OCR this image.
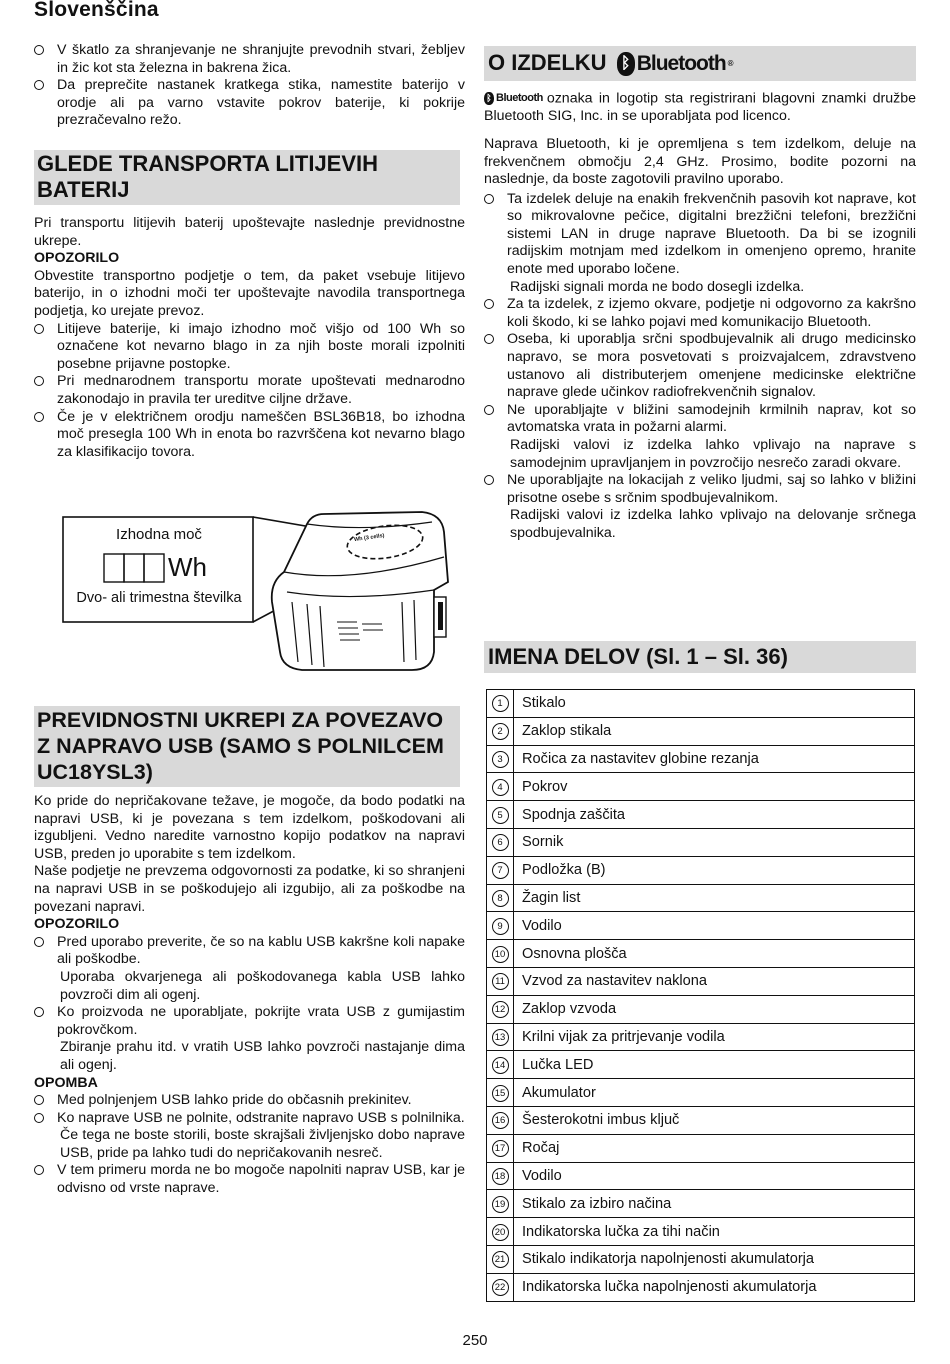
Slovenščina
V škatlo za shranjevanje ne shranjujte prevodnih stvari, žebljev in žic kot sta železna in bakrena žica.
Da preprečite nastanek kratkega stika, namestite baterijo v orodje ali pa varno vstavite pokrov baterije, ki pokrije prezračevalno režo.
GLEDE TRANSPORTA LITIJEVIH BATERIJ

Pri transportu litijevih baterij upoštevajte naslednje previdnostne ukrepe.

OPOZORILO

Obvestite transportno podjetje o tem, da paket vsebuje litijevo baterijo, in o izhodni moči ter upoštevajte navodila transportnega podjetja, ko urejate prevoz.

Litijeve baterije, ki imajo izhodno moč višjo od 100 Wh so označene kot nevarno blago in za njih boste morali izpolniti posebne prijavne postopke.
Pri mednarodnem transportu morate upoštevati mednarodno zakonodajo in pravila ter ureditve ciljne države.
Če je v električnem orodju nameščen BSL36B18, bo izhodna moč presegla 100 Wh in enota bo razvrščena kot nevarno blago za klasifikacijo tovora.
Izhodna moč
Wh
Dvo- ali trimestna številka
Wh (3 cells)
PREVIDNOSTNI UKREPI ZA POVEZAVO Z NAPRAVO USB (SAMO S POLNILCEM UC18YSL3)

Ko pride do nepričakovane težave, je mogoče, da bodo podatki na napravi USB, ki je povezana s tem izdelkom, poškodovani ali izgubljeni. Vedno naredite varnostno kopijo podatkov na napravi USB, preden jo uporabite s tem izdelkom.

Naše podjetje ne prevzema odgovornosti za podatke, ki so shranjeni na napravi USB in se poškodujejo ali izgubijo, ali za poškodbe na povezani napravi.

OPOZORILO

Pred uporabo preverite, če so na kablu USB kakršne koli napake ali poškodbe.

Uporaba okvarjenega ali poškodovanega kabla USB lahko povzroči dim ali ogenj.

Ko proizvoda ne uporabljate, pokrijte vrata USB z gumijastim pokrovčkom.

Zbiranje prahu itd. v vratih USB lahko povzroči nastajanje dima ali ogenj.

OPOMBA

Med polnjenjem USB lahko pride do občasnih prekinitev.
Ko naprave USB ne polnite, odstranite napravo USB s polnilnika.

Če tega ne boste storili, boste skrajšali življenjsko dobo naprave USB, pride pa lahko tudi do nepričakovanih nesreč.

V tem primeru morda ne bo mogoče napolniti naprav USB, kar je odvisno od vrste naprave.
O IZDELKU ᛒ Bluetooth ®

ᛒ Bluetooth oznaka in logotip sta registrirani blagovni znamki družbe Bluetooth SIG, Inc. in se uporabljata pod licenco.

Naprava Bluetooth, ki je opremljena s tem izdelkom, deluje na frekvenčnem območju 2,4 GHz. Prosimo, bodite pozorni na naslednje, da boste zagotovili pravilno uporabo.

Ta izdelek deluje na enakih frekvenčnih pasovih kot naprave, kot so mikrovalovne pečice, digitalni brezžični telefoni, brezžični sistemi LAN in druge naprave Bluetooth. Da bi se izognili radijskim motnjam med izdelkom in omenjeno opremo, hranite enote med uporabo ločene.

Radijski signali morda ne bodo dosegli izdelka.

Za ta izdelek, z izjemo okvare, podjetje ni odgovorno za kakršno koli škodo, ki se lahko pojavi med komunikacijo Bluetooth.
Oseba, ki uporablja srčni spodbujevalnik ali drugo medicinsko napravo, se mora posvetovati s proizvajalcem, zdravstveno ustanovo ali distributerjem omenjene medicinske električne naprave glede učinkov radiofrekvenčnih signalov.
Ne uporabljajte v bližini samodejnih krmilnih naprav, kot so avtomatska vrata in požarni alarmi.

Radijski valovi iz izdelka lahko vplivajo na naprave s samodejnim upravljanjem in povzročijo nesrečo zaradi okvare.

Ne uporabljajte na lokacijah z veliko ljudmi, saj so lahko v bližini prisotne osebe s srčnim spodbujevalnikom.

Radijski valovi iz izdelka lahko vplivajo na delovanje srčnega spodbujevalnika.

IMENA DELOV (Sl. 1 – Sl. 36)
1	Stikalo
2	Zaklop stikala
3	Ročica za nastavitev globine rezanja
4	Pokrov
5	Spodnja zaščita
6	Sornik
7	Podložka (B)
8	Žagin list
9	Vodilo
10	Osnovna plošča
11	Vzvod za nastavitev naklona
12	Zaklop vzvoda
13	Krilni vijak za pritrjevanje vodila
14	Lučka LED
15	Akumulator
16	Šesterokotni imbus ključ
17	Ročaj
18	Vodilo
19	Stikalo za izbiro načina
20	Indikatorska lučka za tihi način
21	Stikalo indikatorja napolnjenosti akumulatorja
22	Indikatorska lučka napolnjenosti akumulatorja
250
